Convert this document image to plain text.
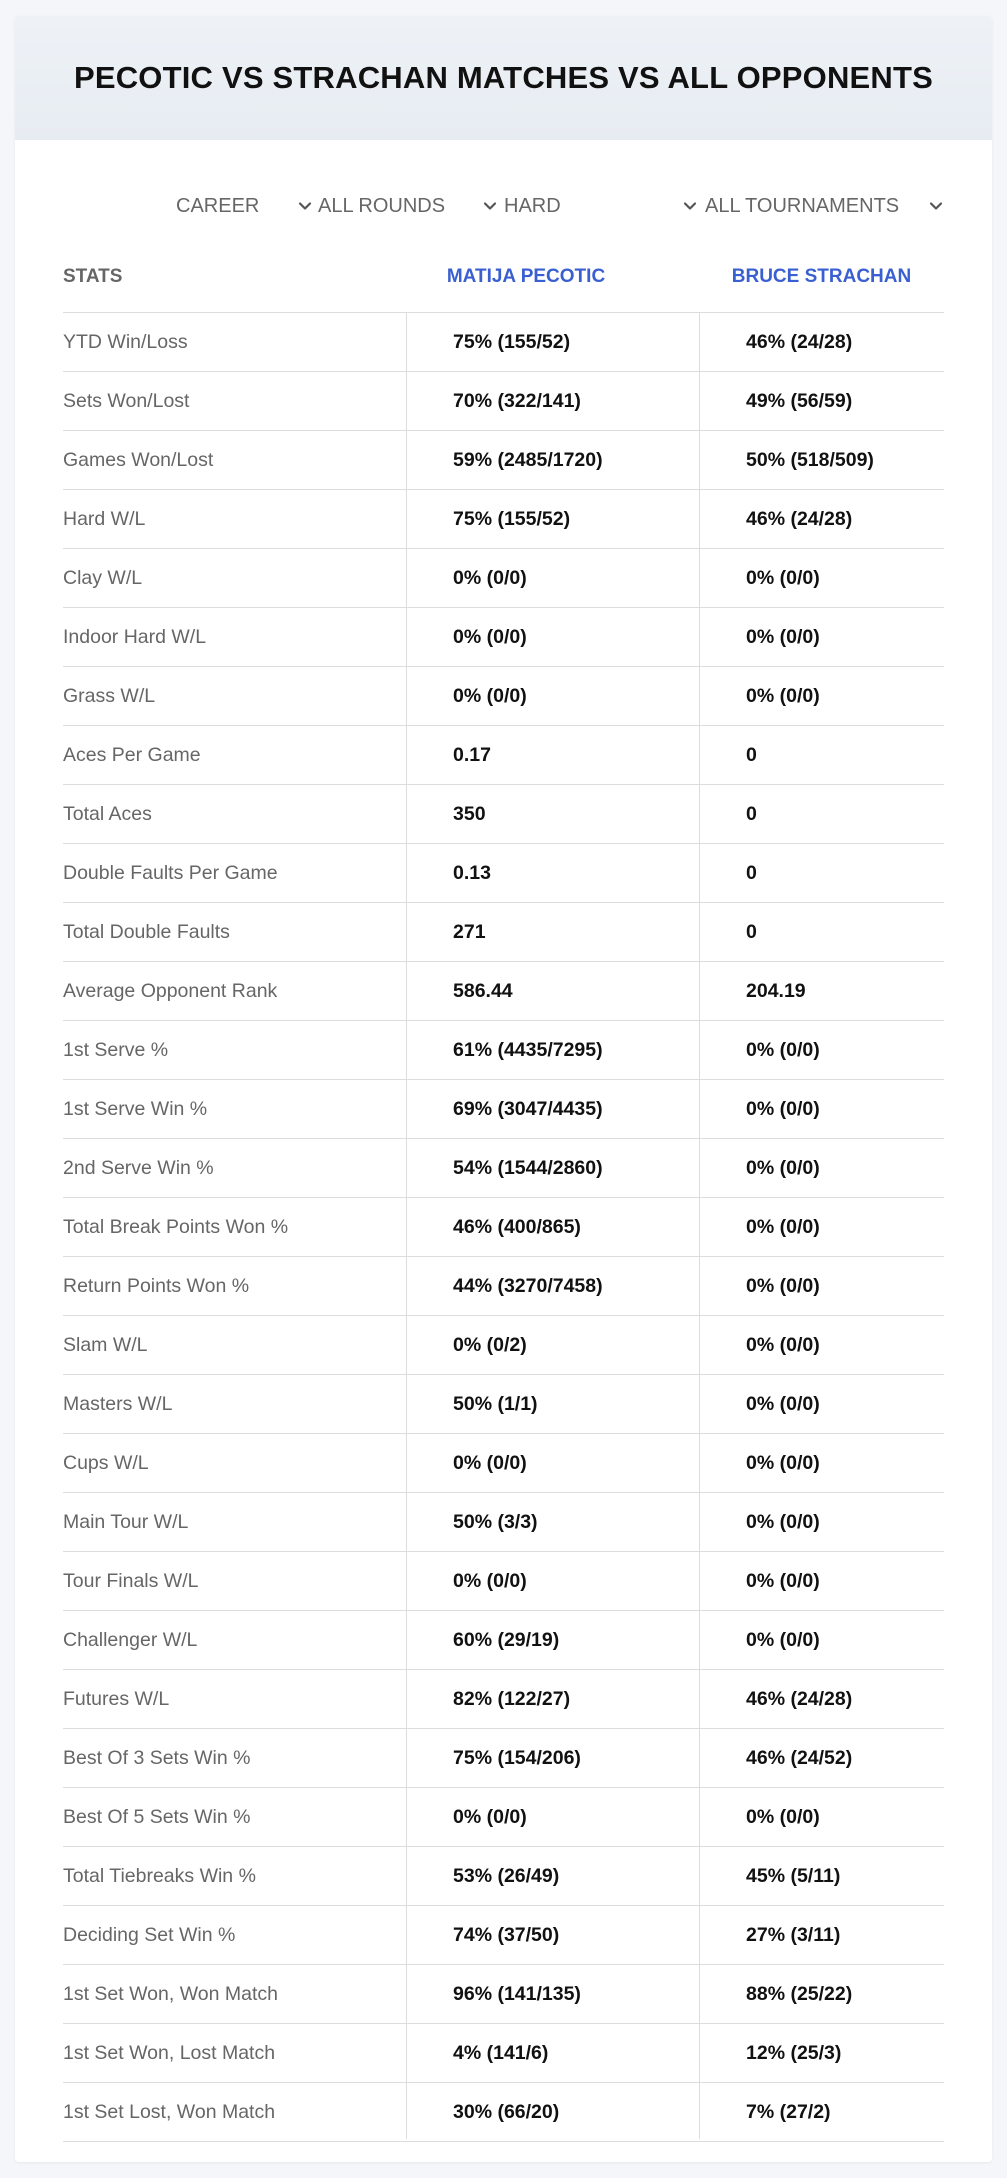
PECOTIC VS STRACHAN MATCHES VS ALL OPPONENTS
CAREER	ALL ROUNDS	HARD	ALL TOURNAMENTS
STATS	MATIJA PECOTIC	BRUCE STRACHAN
YTD Win/Loss	75% (155/52)	46% (24/28)
Sets Won/Lost	70% (322/141)	49% (56/59)
Games Won/Lost	59% (2485/1720)	50% (518/509)
Hard W/L	75% (155/52)	46% (24/28)
Clay W/L	0% (0/0)	0% (0/0)
Indoor Hard W/L	0% (0/0)	0% (0/0)
Grass W/L	0% (0/0)	0% (0/0)
Aces Per Game	0.17	0
Total Aces	350	0
Double Faults Per Game	0.13	0
Total Double Faults	271	0
Average Opponent Rank	586.44	204.19
1st Serve %	61% (4435/7295)	0% (0/0)
1st Serve Win %	69% (3047/4435)	0% (0/0)
2nd Serve Win %	54% (1544/2860)	0% (0/0)
Total Break Points Won %	46% (400/865)	0% (0/0)
Return Points Won %	44% (3270/7458)	0% (0/0)
Slam W/L	0% (0/2)	0% (0/0)
Masters W/L	50% (1/1)	0% (0/0)
Cups W/L	0% (0/0)	0% (0/0)
Main Tour W/L	50% (3/3)	0% (0/0)
Tour Finals W/L	0% (0/0)	0% (0/0)
Challenger W/L	60% (29/19)	0% (0/0)
Futures W/L	82% (122/27)	46% (24/28)
Best Of 3 Sets Win %	75% (154/206)	46% (24/52)
Best Of 5 Sets Win %	0% (0/0)	0% (0/0)
Total Tiebreaks Win %	53% (26/49)	45% (5/11)
Deciding Set Win %	74% (37/50)	27% (3/11)
1st Set Won, Won Match	96% (141/135)	88% (25/22)
1st Set Won, Lost Match	4% (141/6)	12% (25/3)
1st Set Lost, Won Match	30% (66/20)	7% (27/2)
